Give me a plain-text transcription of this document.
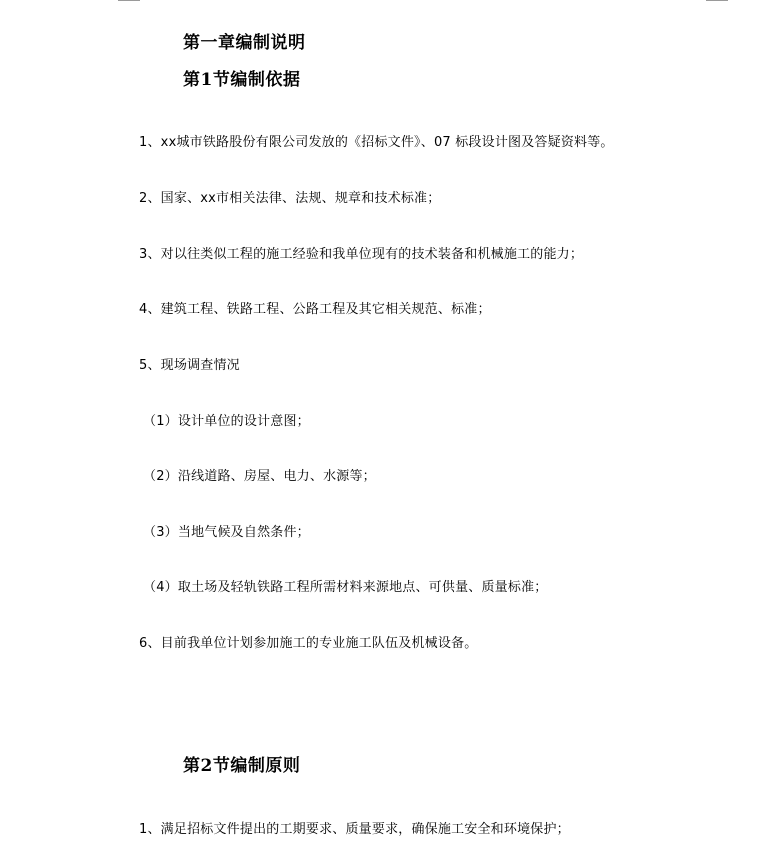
第一章编制说明
第1节编制依据
1、xx城市铁路股份有限公司发放的《招标文件》、07 标段设计图及答疑资料等。
2、国家、xx市相关法律、法规、规章和技术标准；
3、对以往类似工程的施工经验和我单位现有的技术装备和机械施工的能力；
4、建筑工程、铁路工程、公路工程及其它相关规范、标准；
5、现场调查情况
（1）设计单位的设计意图；
（2）沿线道路、房屋、电力、水源等；
（3）当地气候及自然条件；
（4）取土场及轻轨铁路工程所需材料来源地点、可供量、质量标准；
6、目前我单位计划参加施工的专业施工队伍及机械设备。
第2节编制原则
1、满足招标文件提出的工期要求、质量要求，确保施工安全和环境保护；
